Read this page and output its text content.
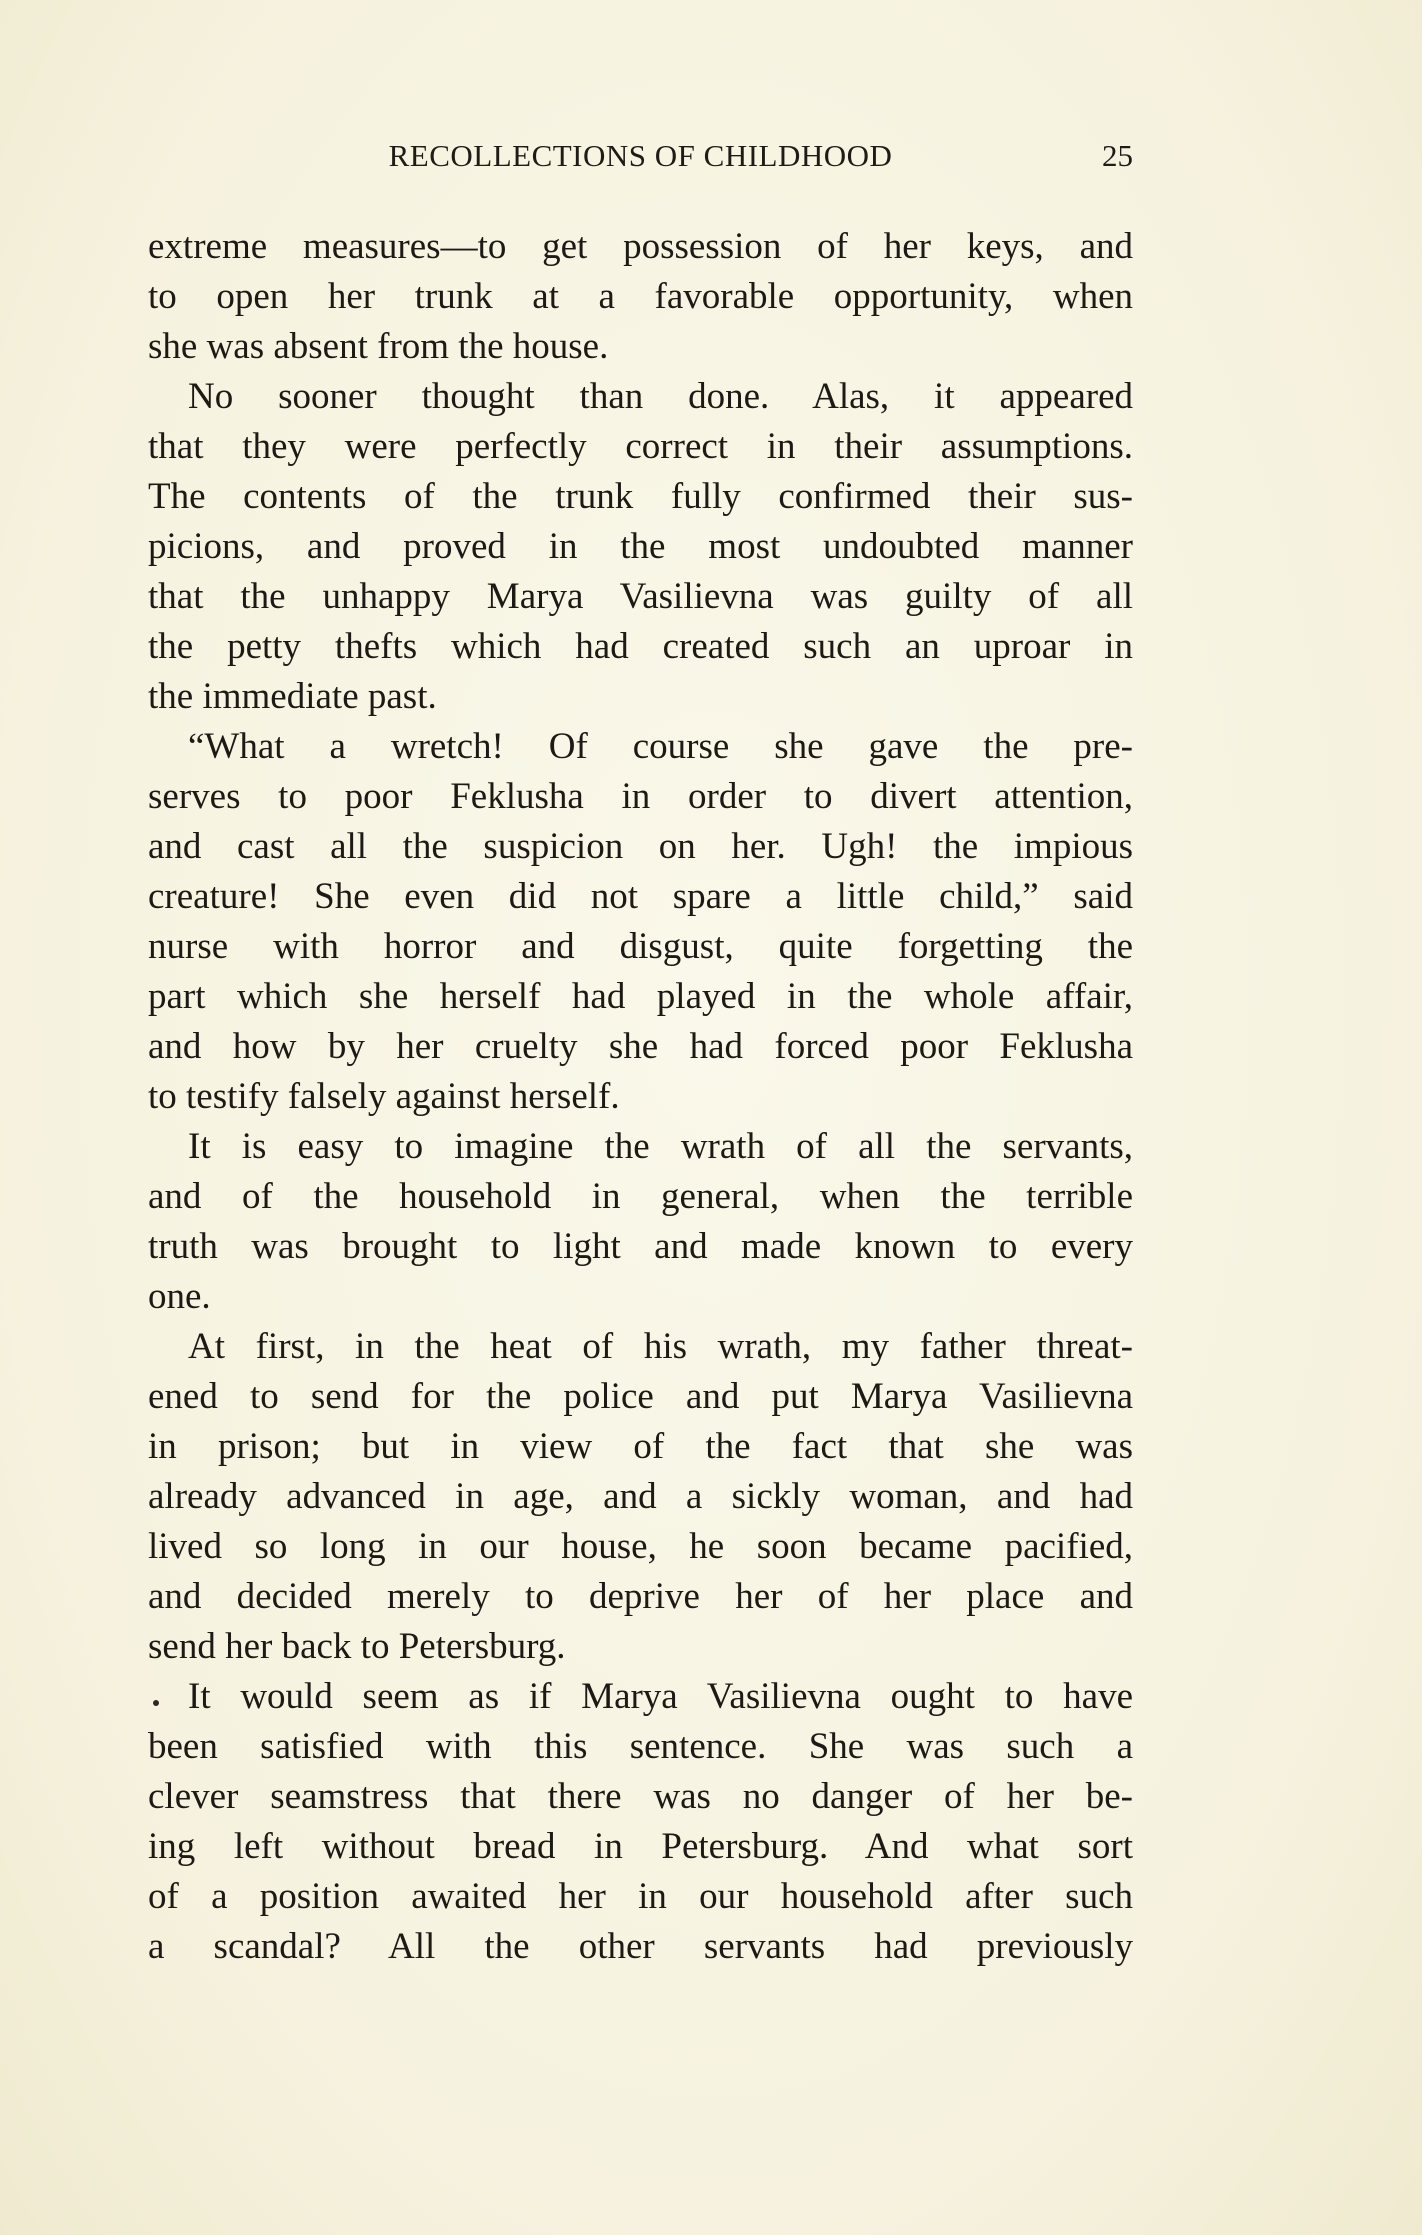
RECOLLECTIONS OF CHILDHOOD	25
extreme measures—to get possession of her keys, and
to open her trunk at a favorable opportunity, when
she was absent from the house.
No sooner thought than done. Alas, it appeared
that they were perfectly correct in their assumptions.
The contents of the trunk fully confirmed their sus-
picions, and proved in the most undoubted manner
that the unhappy Marya Vasilievna was guilty of all
the petty thefts which had created such an uproar in
the immediate past.
“What a wretch! Of course she gave the pre-
serves to poor Feklusha in order to divert attention,
and cast all the suspicion on her. Ugh! the impious
creature! She even did not spare a little child,” said
nurse with horror and disgust, quite forgetting the
part which she herself had played in the whole affair,
and how by her cruelty she had forced poor Feklusha
to testify falsely against herself.
It is easy to imagine the wrath of all the servants,
and of the household in general, when the terrible
truth was brought to light and made known to every
one.
At first, in the heat of his wrath, my father threat-
ened to send for the police and put Marya Vasilievna
in prison; but in view of the fact that she was
already advanced in age, and a sickly woman, and had
lived so long in our house, he soon became pacified,
and decided merely to deprive her of her place and
send her back to Petersburg.
It would seem as if Marya Vasilievna ought to have
been satisfied with this sentence. She was such a
clever seamstress that there was no danger of her be-
ing left without bread in Petersburg. And what sort
of a position awaited her in our household after such
a scandal? All the other servants had previously
